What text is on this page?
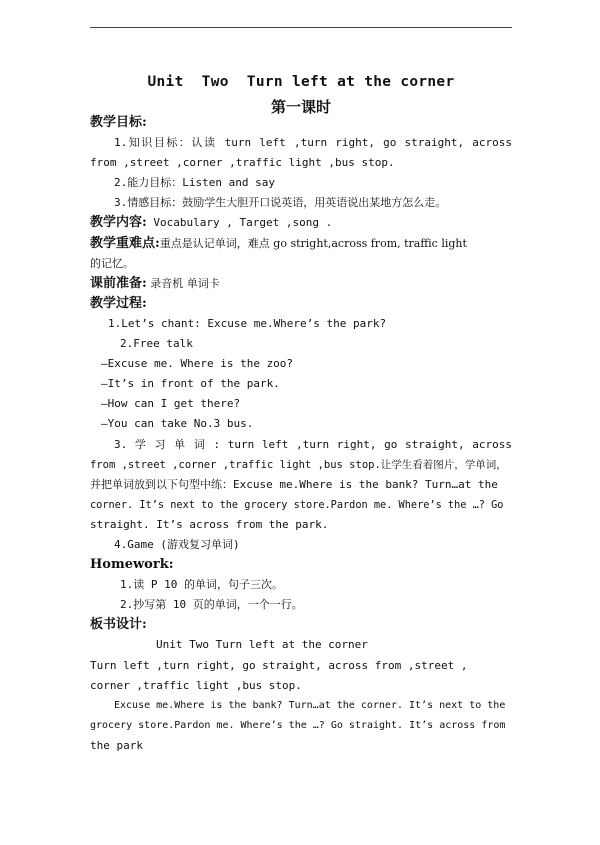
Unit  Two  Turn left at the corner
第一课时
教学目标:
1.知识目标：认读 turn left ,turn right, go straight, across
from ,street ,corner ,traffic light ,bus stop.
2.能力目标：Listen and say
3.情感目标：鼓励学生大胆开口说英语，用英语说出某地方怎么走。
教学内容: Vocabulary , Target ,song .
教学重难点:重点是认记单词，难点 go stright,across from, traffic light
的记忆。
课前准备: 录音机 单词卡
教学过程:
1.Let’s chant: Excuse me.Where’s the park?
2.Free talk
—Excuse me. Where is the zoo?
—It’s in front of the park.
—How can I get there?
—You can take No.3 bus.
3. 学 习 单 词 : turn left ,turn right, go straight, across
from ,street ,corner ,traffic light ,bus stop.让学生看着图片，学单词，
并把单词放到以下句型中练：Excuse me.Where is the bank? Turn…at the
corner. It’s next to the grocery store.Pardon me. Where’s the …? Go
straight. It’s across from the park.
4.Game (游戏复习单词)
Homework:
1.读 P 10 的单词，句子三次。
2.抄写第 10 页的单词，一个一行。
板书设计:
Unit Two Turn left at the corner
Turn left ,turn right, go straight, across from ,street ,
corner ,traffic light ,bus stop.
Excuse me.Where is the bank? Turn…at the corner. It’s next to the
grocery store.Pardon me. Where’s the …? Go straight. It’s across from
the park
